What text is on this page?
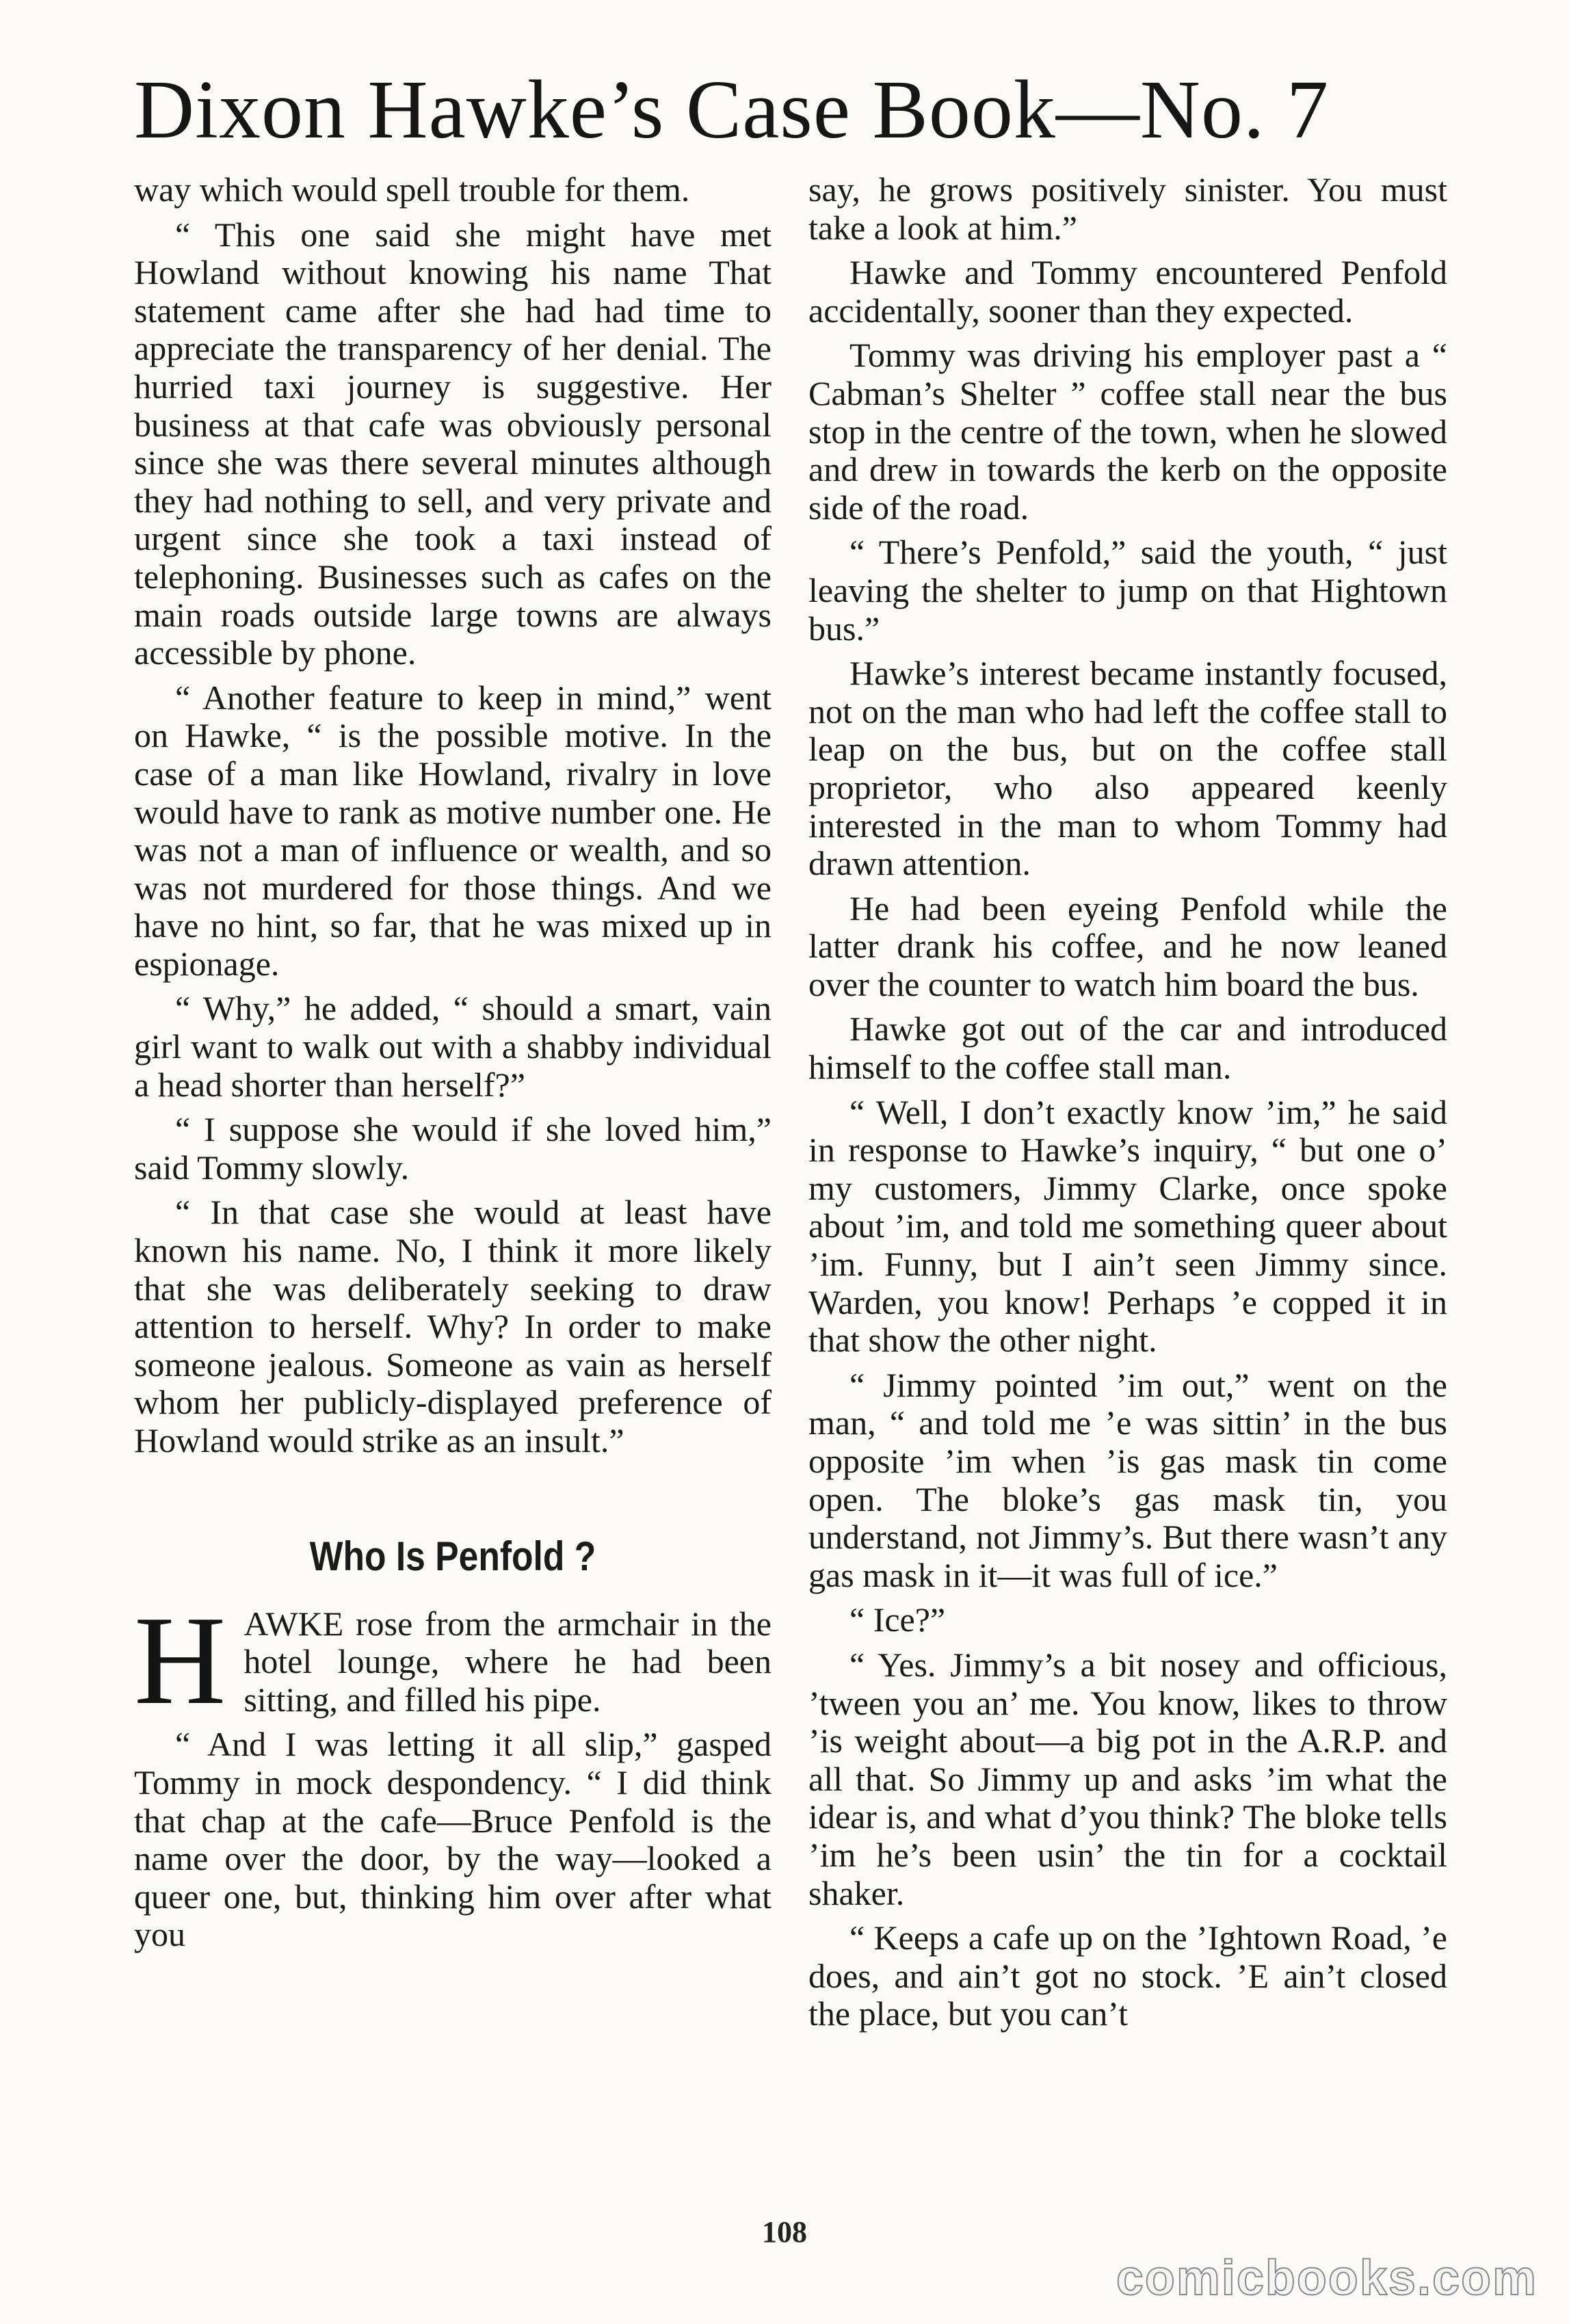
Dixon Hawke’s Case Book—No. 7

way which would spell trouble for them.

“ This one said she might have met Howland without knowing his name That statement came after she had had time to appreciate the transparency of her denial. The hurried taxi journey is suggestive. Her business at that cafe was obviously personal since she was there several minutes although they had nothing to sell, and very private and urgent since she took a taxi instead of telephoning. Businesses such as cafes on the main roads outside large towns are always accessible by phone.

“ Another feature to keep in mind,” went on Hawke, “ is the possible motive. In the case of a man like Howland, rivalry in love would have to rank as motive number one. He was not a man of influence or wealth, and so was not murdered for those things. And we have no hint, so far, that he was mixed up in espionage.

“ Why,” he added, “ should a smart, vain girl want to walk out with a shabby individual a head shorter than herself?”

“ I suppose she would if she loved him,” said Tommy slowly.

“ In that case she would at least have known his name. No, I think it more likely that she was deliberately seeking to draw attention to herself. Why? In order to make someone jealous. Someone as vain as herself whom her publicly-displayed preference of Howland would strike as an insult.”

Who Is Penfold ?

HAWKE rose from the armchair in the hotel lounge, where he had been sitting, and filled his pipe.

“ And I was letting it all slip,” gasped Tommy in mock despondency. “ I did think that chap at the cafe—Bruce Penfold is the name over the door, by the way—looked a queer one, but, thinking him over after what you

say, he grows positively sinister. You must take a look at him.”

Hawke and Tommy encountered Penfold accidentally, sooner than they expected.

Tommy was driving his employer past a “ Cabman’s Shelter ” coffee stall near the bus stop in the centre of the town, when he slowed and drew in towards the kerb on the opposite side of the road.

“ There’s Penfold,” said the youth, “ just leaving the shelter to jump on that Hightown bus.”

Hawke’s interest became instantly focused, not on the man who had left the coffee stall to leap on the bus, but on the coffee stall proprietor, who also appeared keenly interested in the man to whom Tommy had drawn attention.

He had been eyeing Penfold while the latter drank his coffee, and he now leaned over the counter to watch him board the bus.

Hawke got out of the car and introduced himself to the coffee stall man.

“ Well, I don’t exactly know ’im,” he said in response to Hawke’s inquiry, “ but one o’ my customers, Jimmy Clarke, once spoke about ’im, and told me something queer about ’im. Funny, but I ain’t seen Jimmy since. Warden, you know! Perhaps ’e copped it in that show the other night.

“ Jimmy pointed ’im out,” went on the man, “ and told me ’e was sittin’ in the bus opposite ’im when ’is gas mask tin come open. The bloke’s gas mask tin, you understand, not Jimmy’s. But there wasn’t any gas mask in it—it was full of ice.”

“ Ice?”

“ Yes. Jimmy’s a bit nosey and officious, ’tween you an’ me. You know, likes to throw ’is weight about—a big pot in the A.R.P. and all that. So Jimmy up and asks ’im what the idear is, and what d’you think? The bloke tells ’im he’s been usin’ the tin for a cocktail shaker.

“ Keeps a cafe up on the ’Ightown Road, ’e does, and ain’t got no stock. ’E ain’t closed the place, but you can’t

108
comicbooks.com
